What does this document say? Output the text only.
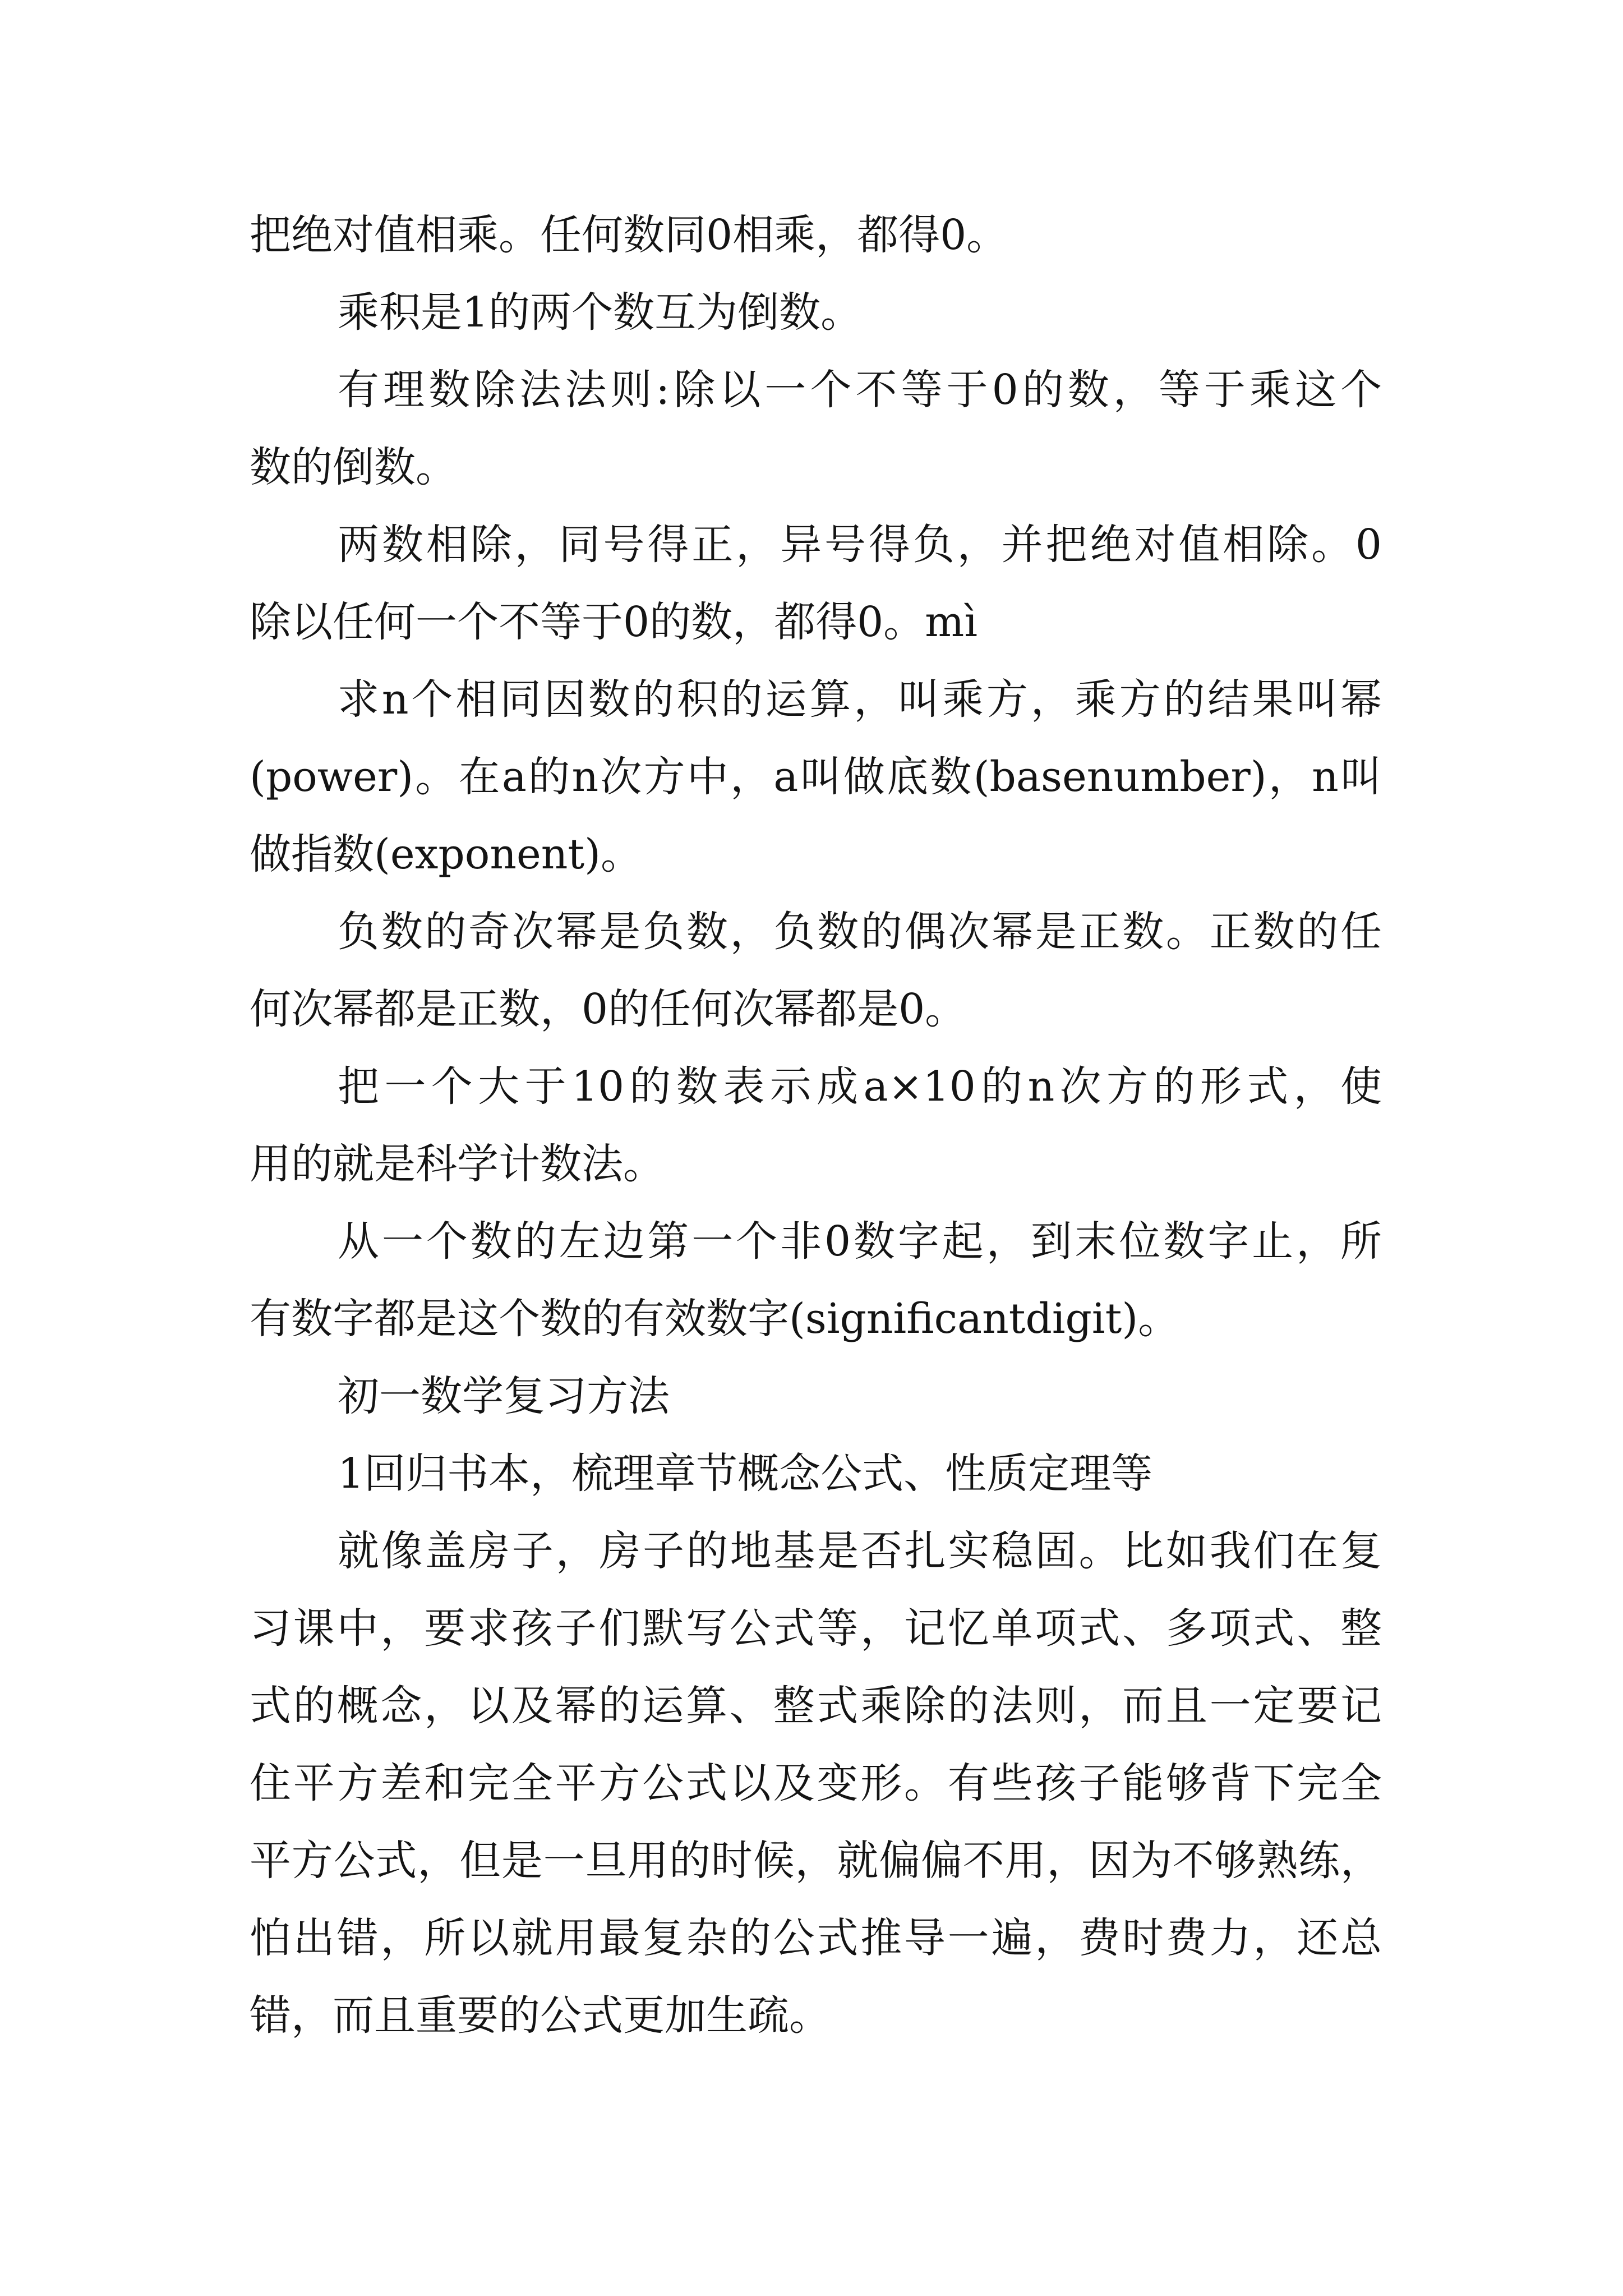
把绝对值相乘。任何数同0相乘，都得0。
乘积是1的两个数互为倒数。
有理数除法法则:除以一个不等于0的数，等于乘这个
数的倒数。
两数相除，同号得正，异号得负，并把绝对值相除。0
除以任何一个不等于0的数，都得0。mì
求n个相同因数的积的运算，叫乘方，乘方的结果叫幂
(power)。在a的n次方中，a叫做底数(basenumber)，n叫
做指数(exponent)。
负数的奇次幂是负数，负数的偶次幂是正数。正数的任
何次幂都是正数，0的任何次幂都是0。
把一个大于10的数表示成a×10的n次方的形式，使
用的就是科学计数法。
从一个数的左边第一个非0数字起，到末位数字止，所
有数字都是这个数的有效数字(significantdigit)。
初一数学复习方法
1回归书本，梳理章节概念公式、性质定理等
就像盖房子，房子的地基是否扎实稳固。比如我们在复
习课中，要求孩子们默写公式等，记忆单项式、多项式、整
式的概念，以及幂的运算、整式乘除的法则，而且一定要记
住平方差和完全平方公式以及变形。有些孩子能够背下完全
平方公式，但是一旦用的时候，就偏偏不用，因为不够熟练，
怕出错，所以就用最复杂的公式推导一遍，费时费力，还总
错，而且重要的公式更加生疏。
